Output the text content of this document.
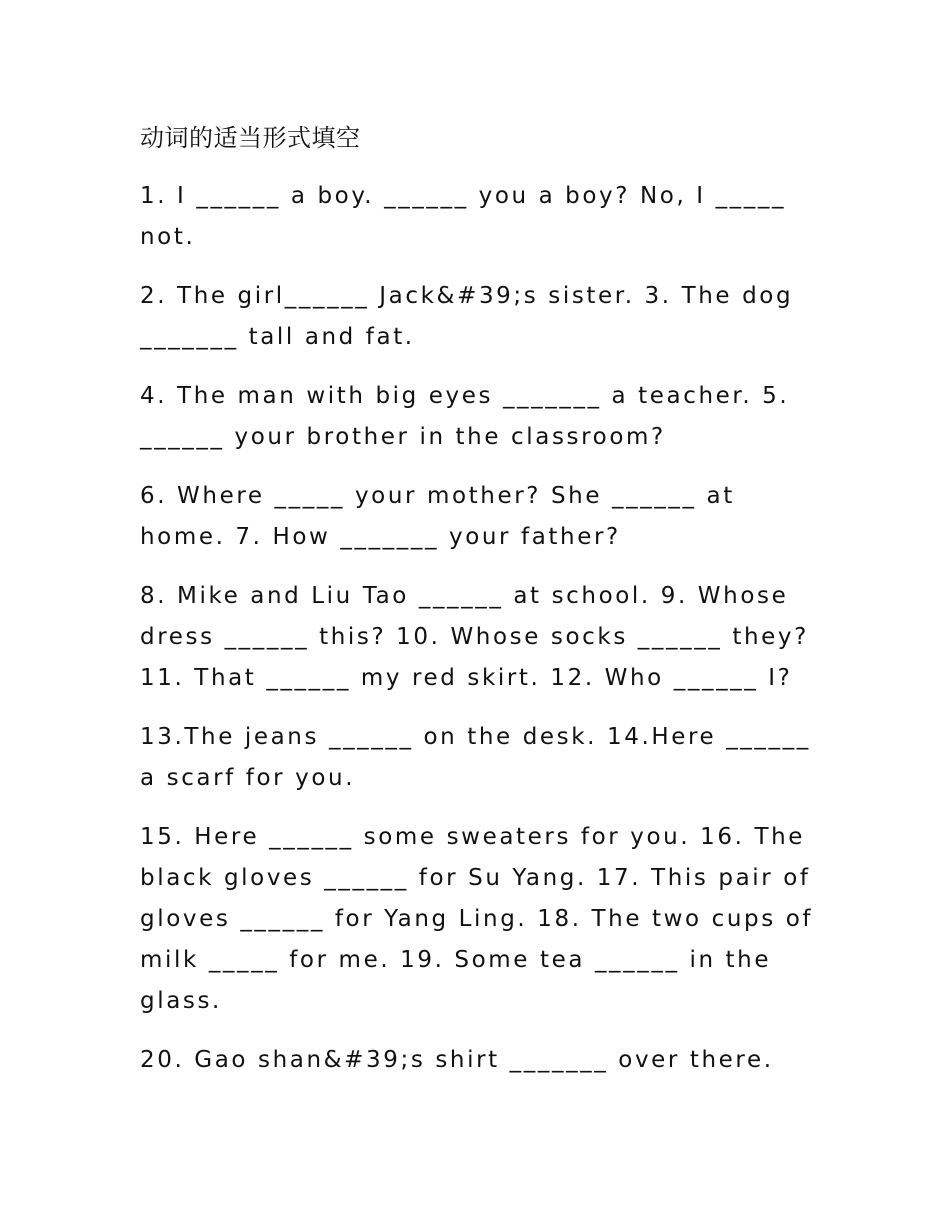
动词的适当形式填空

1. I ______ a boy. ______ you a boy? No, I _____ not.

2. The girl______ Jack&#39;s sister. 3. The dog _______ tall and fat.

4. The man with big eyes _______ a teacher. 5. ______ your brother in the classroom?

6. Where _____ your mother? She ______ at home. 7. How _______ your father?

8. Mike and Liu Tao ______ at school. 9. Whose dress ______ this? 10. Whose socks ______ they? 11. That ______ my red skirt. 12. Who ______ I?

13.The jeans ______ on the desk. 14.Here ______ a scarf for you.

15. Here ______ some sweaters for you. 16. The black gloves ______ for Su Yang. 17. This pair of gloves ______ for Yang Ling. 18. The two cups of milk _____ for me. 19. Some tea ______ in the glass.

20. Gao shan&#39;s shirt _______ over there.
